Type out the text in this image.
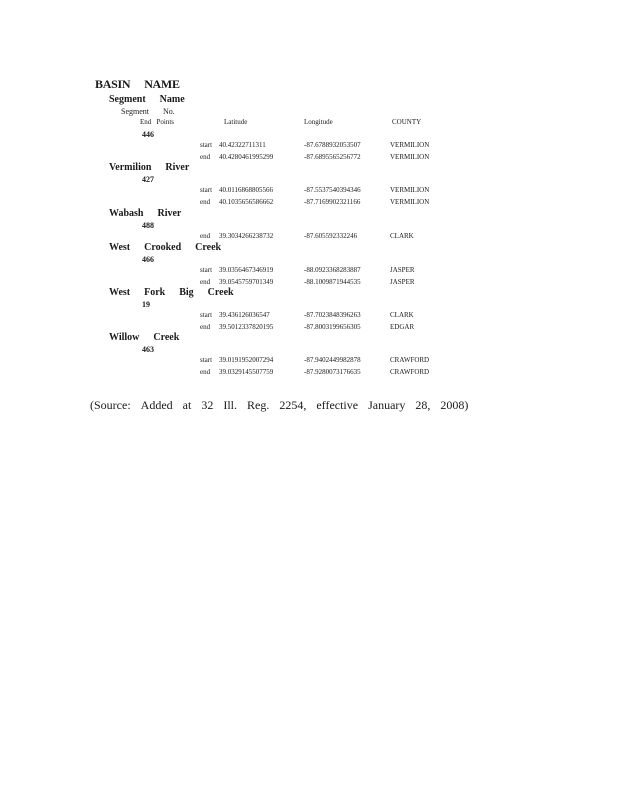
BASIN NAME
Segment Name
Segment No.
End   Points	Latitude	Longitude	COUNTY
446
start 40.42322711311	-87.6788932053507	VERMILION
end 40.4280461995299	-87.6895565256772	VERMILION
Vermilion River
427
start 40.0116868805566	-87.5537540394346	VERMILION
end 40.1035656586662	-87.7169902321166	VERMILION
Wabash River
488
end 39.3034266238732	-87.605592332246	CLARK
West Crooked Creek
466
start 39.0356467346919	-88.0923368283887	JASPER
end 39.0545759701349	-88.1009871944535	JASPER
West Fork Big Creek
19
start 39.436126036547	-87.7023848396263	CLARK
end 39.5012337820195	-87.8003199656305	EDGAR
Willow Creek
463
start 39.0191952007294	-87.9402449982878	CRAWFORD
end 39.0329145507759	-87.9280073176635	CRAWFORD
(Source: Added at 32 Ill. Reg. 2254, effective January 28, 2008)
